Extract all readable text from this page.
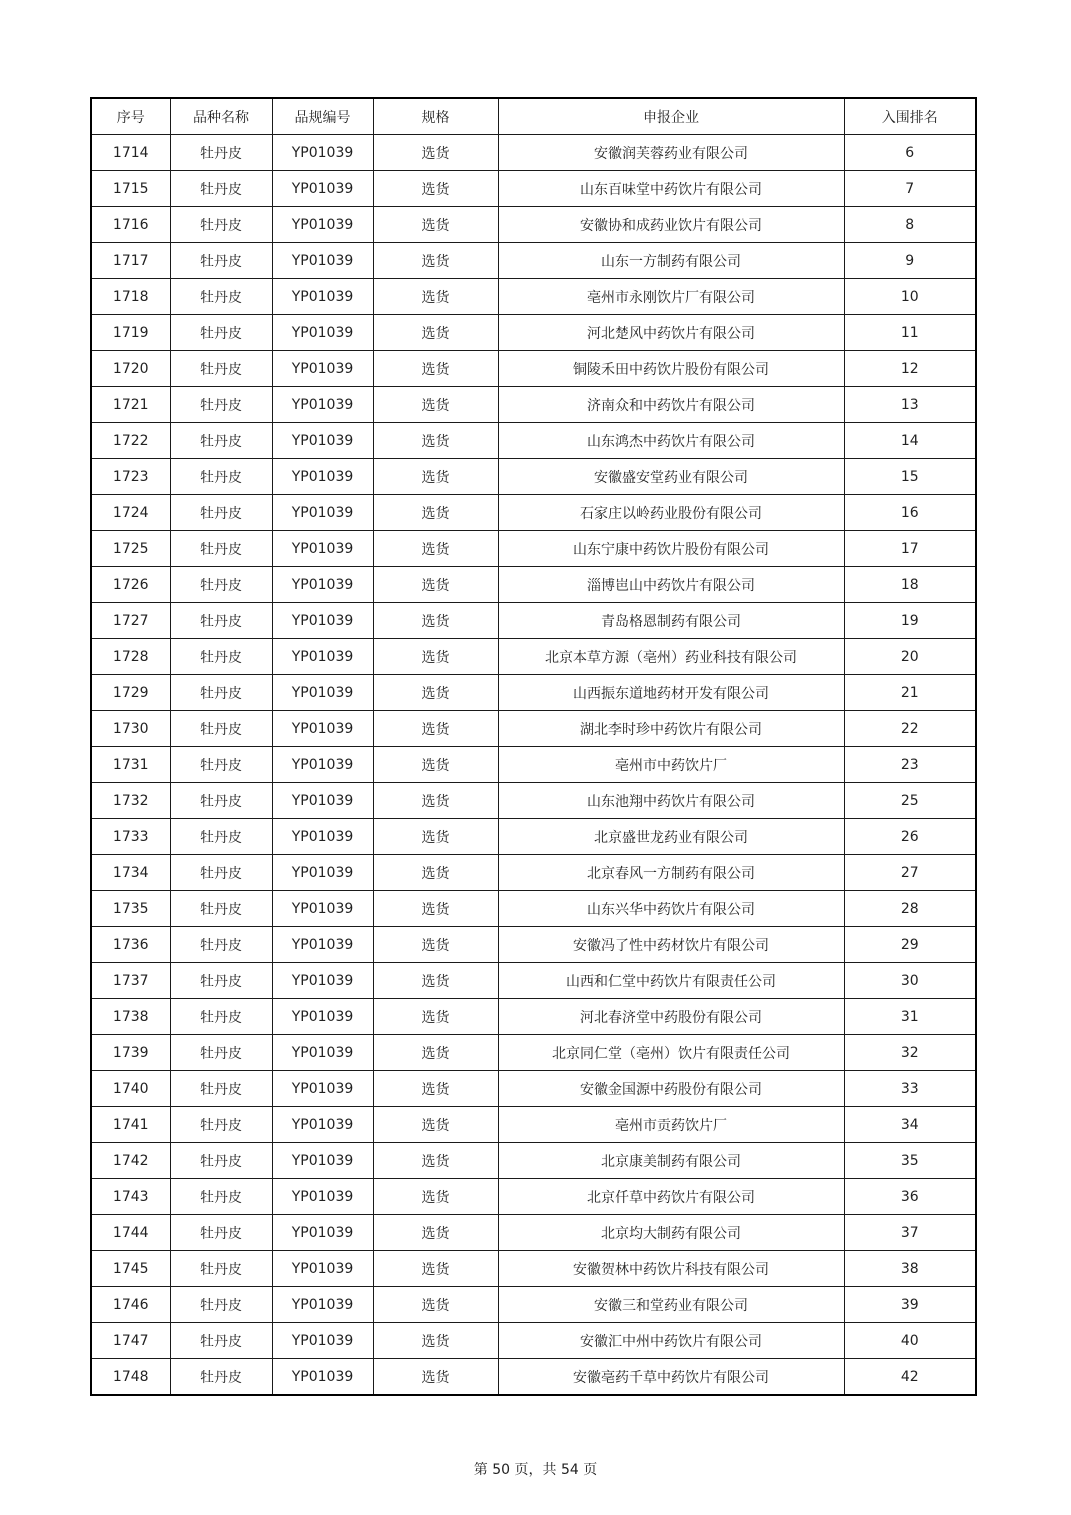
序号	品种名称	品规编号	规格	申报企业	入围排名
1714	牡丹皮	YP01039	选货	安徽润芙蓉药业有限公司	6
1715	牡丹皮	YP01039	选货	山东百味堂中药饮片有限公司	7
1716	牡丹皮	YP01039	选货	安徽协和成药业饮片有限公司	8
1717	牡丹皮	YP01039	选货	山东一方制药有限公司	9
1718	牡丹皮	YP01039	选货	亳州市永刚饮片厂有限公司	10
1719	牡丹皮	YP01039	选货	河北楚风中药饮片有限公司	11
1720	牡丹皮	YP01039	选货	铜陵禾田中药饮片股份有限公司	12
1721	牡丹皮	YP01039	选货	济南众和中药饮片有限公司	13
1722	牡丹皮	YP01039	选货	山东鸿杰中药饮片有限公司	14
1723	牡丹皮	YP01039	选货	安徽盛安堂药业有限公司	15
1724	牡丹皮	YP01039	选货	石家庄以岭药业股份有限公司	16
1725	牡丹皮	YP01039	选货	山东宁康中药饮片股份有限公司	17
1726	牡丹皮	YP01039	选货	淄博岜山中药饮片有限公司	18
1727	牡丹皮	YP01039	选货	青岛格恩制药有限公司	19
1728	牡丹皮	YP01039	选货	北京本草方源（亳州）药业科技有限公司	20
1729	牡丹皮	YP01039	选货	山西振东道地药材开发有限公司	21
1730	牡丹皮	YP01039	选货	湖北李时珍中药饮片有限公司	22
1731	牡丹皮	YP01039	选货	亳州市中药饮片厂	23
1732	牡丹皮	YP01039	选货	山东池翔中药饮片有限公司	25
1733	牡丹皮	YP01039	选货	北京盛世龙药业有限公司	26
1734	牡丹皮	YP01039	选货	北京春风一方制药有限公司	27
1735	牡丹皮	YP01039	选货	山东兴华中药饮片有限公司	28
1736	牡丹皮	YP01039	选货	安徽冯了性中药材饮片有限公司	29
1737	牡丹皮	YP01039	选货	山西和仁堂中药饮片有限责任公司	30
1738	牡丹皮	YP01039	选货	河北春济堂中药股份有限公司	31
1739	牡丹皮	YP01039	选货	北京同仁堂（亳州）饮片有限责任公司	32
1740	牡丹皮	YP01039	选货	安徽金国源中药股份有限公司	33
1741	牡丹皮	YP01039	选货	亳州市贡药饮片厂	34
1742	牡丹皮	YP01039	选货	北京康美制药有限公司	35
1743	牡丹皮	YP01039	选货	北京仟草中药饮片有限公司	36
1744	牡丹皮	YP01039	选货	北京均大制药有限公司	37
1745	牡丹皮	YP01039	选货	安徽贺林中药饮片科技有限公司	38
1746	牡丹皮	YP01039	选货	安徽三和堂药业有限公司	39
1747	牡丹皮	YP01039	选货	安徽汇中州中药饮片有限公司	40
1748	牡丹皮	YP01039	选货	安徽亳药千草中药饮片有限公司	42
第 50 页，共 54 页
